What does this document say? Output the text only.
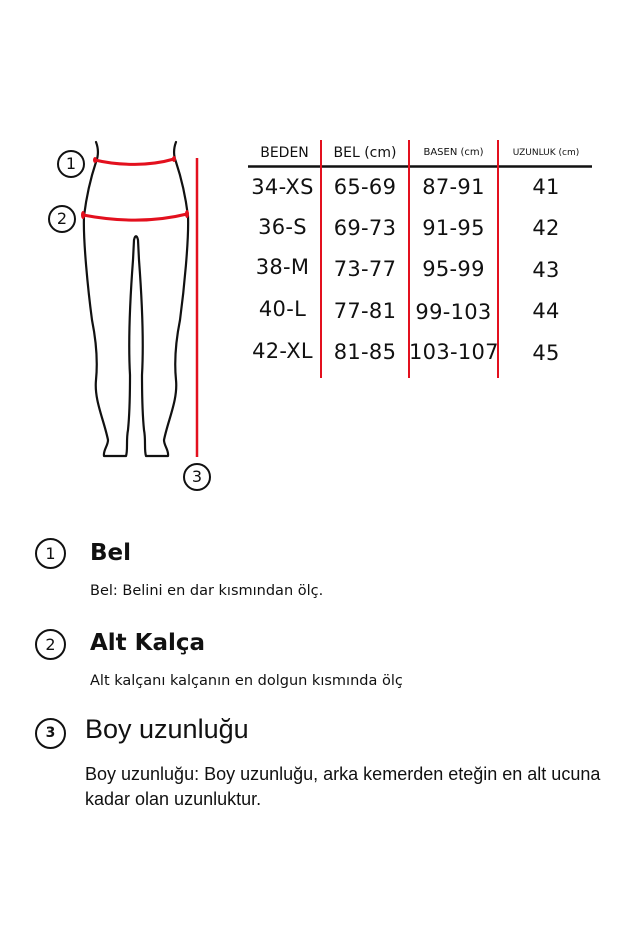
1
2
3
BEDEN	BEL (cm)	BASEN (cm)	UZUNLUK (cm)
34-XS 65-69	87-91	41
36-S	69-73	91-95	42
38-M	73-77	95-99	43
40-L	77-81 99-103	44
42-XL 81-85 103-107	45
1	Bel
Bel: Belini en dar kısmından ölç.
2	Alt Kalça
Alt kalçanı kalçanın en dolgun kısmında ölç
3	Boy uzunluğu
Boy uzunluğu: Boy uzunluğu, arka kemerden eteğin en alt ucuna kadar olan uzunluktur.
